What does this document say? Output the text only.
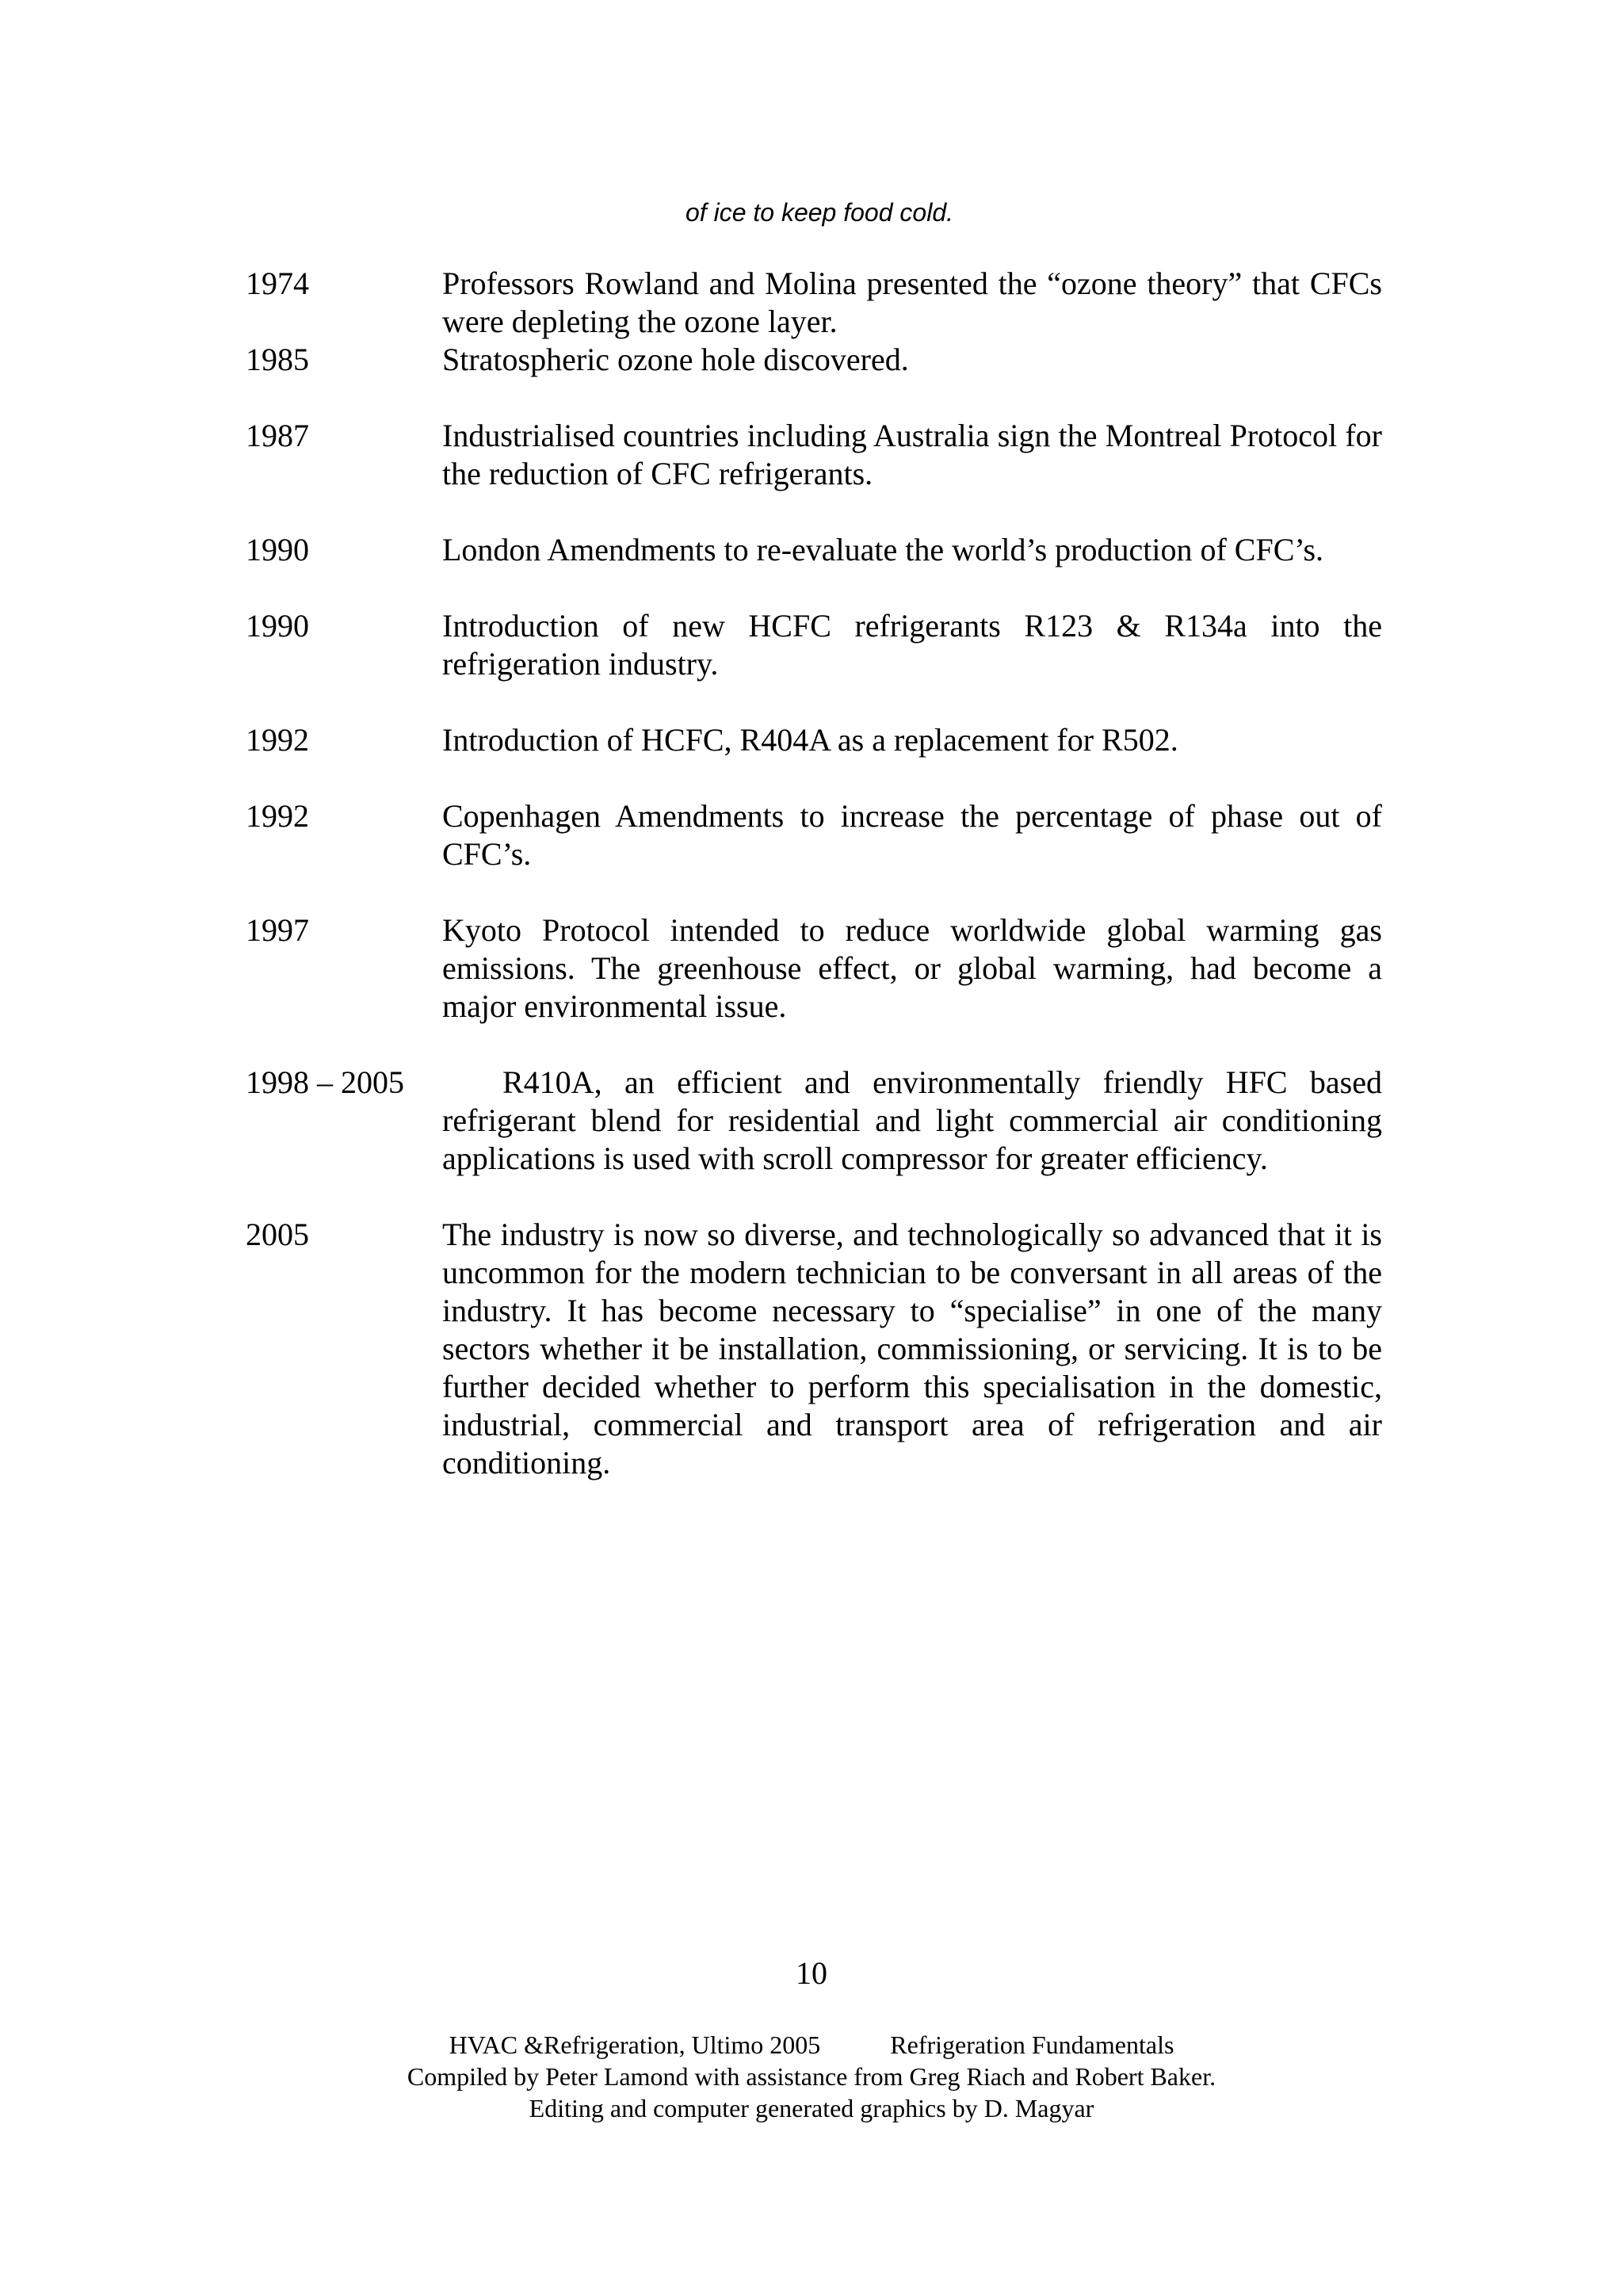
of ice to keep food cold.
1974	Professors Rowland and Molina presented the “ozone theory” that CFCs were depleting the ozone layer.
1985	Stratospheric ozone hole discovered.
1987	Industrialised countries including Australia sign the Montreal Protocol for the reduction of CFC refrigerants.
1990	London Amendments to re-evaluate the world’s production of CFC’s.
1990	Introduction of new HCFC refrigerants R123 & R134a into the refrigeration industry.
1992	Introduction of HCFC, R404A as a replacement for R502.
1992	Copenhagen Amendments to increase the percentage of phase out of CFC’s.
1997	Kyoto Protocol intended to reduce worldwide global warming gas emissions. The greenhouse effect, or global warming, had become a major environmental issue.
1998 – 2005	R410A, an efficient and environmentally friendly HFC based refrigerant blend for residential and light commercial air conditioning applications is used with scroll compressor for greater efficiency.
2005	The industry is now so diverse, and technologically so advanced that it is uncommon for the modern technician to be conversant in all areas of the industry. It has become necessary to “specialise” in one of the many sectors whether it be installation, commissioning, or servicing. It is to be further decided whether to perform this specialisation in the domestic, industrial, commercial and transport area of refrigeration and air conditioning.
10
HVAC &Refrigeration, Ultimo 2005	Refrigeration Fundamentals
Compiled by Peter Lamond with assistance from Greg Riach and Robert Baker.
Editing and computer generated graphics by D. Magyar
